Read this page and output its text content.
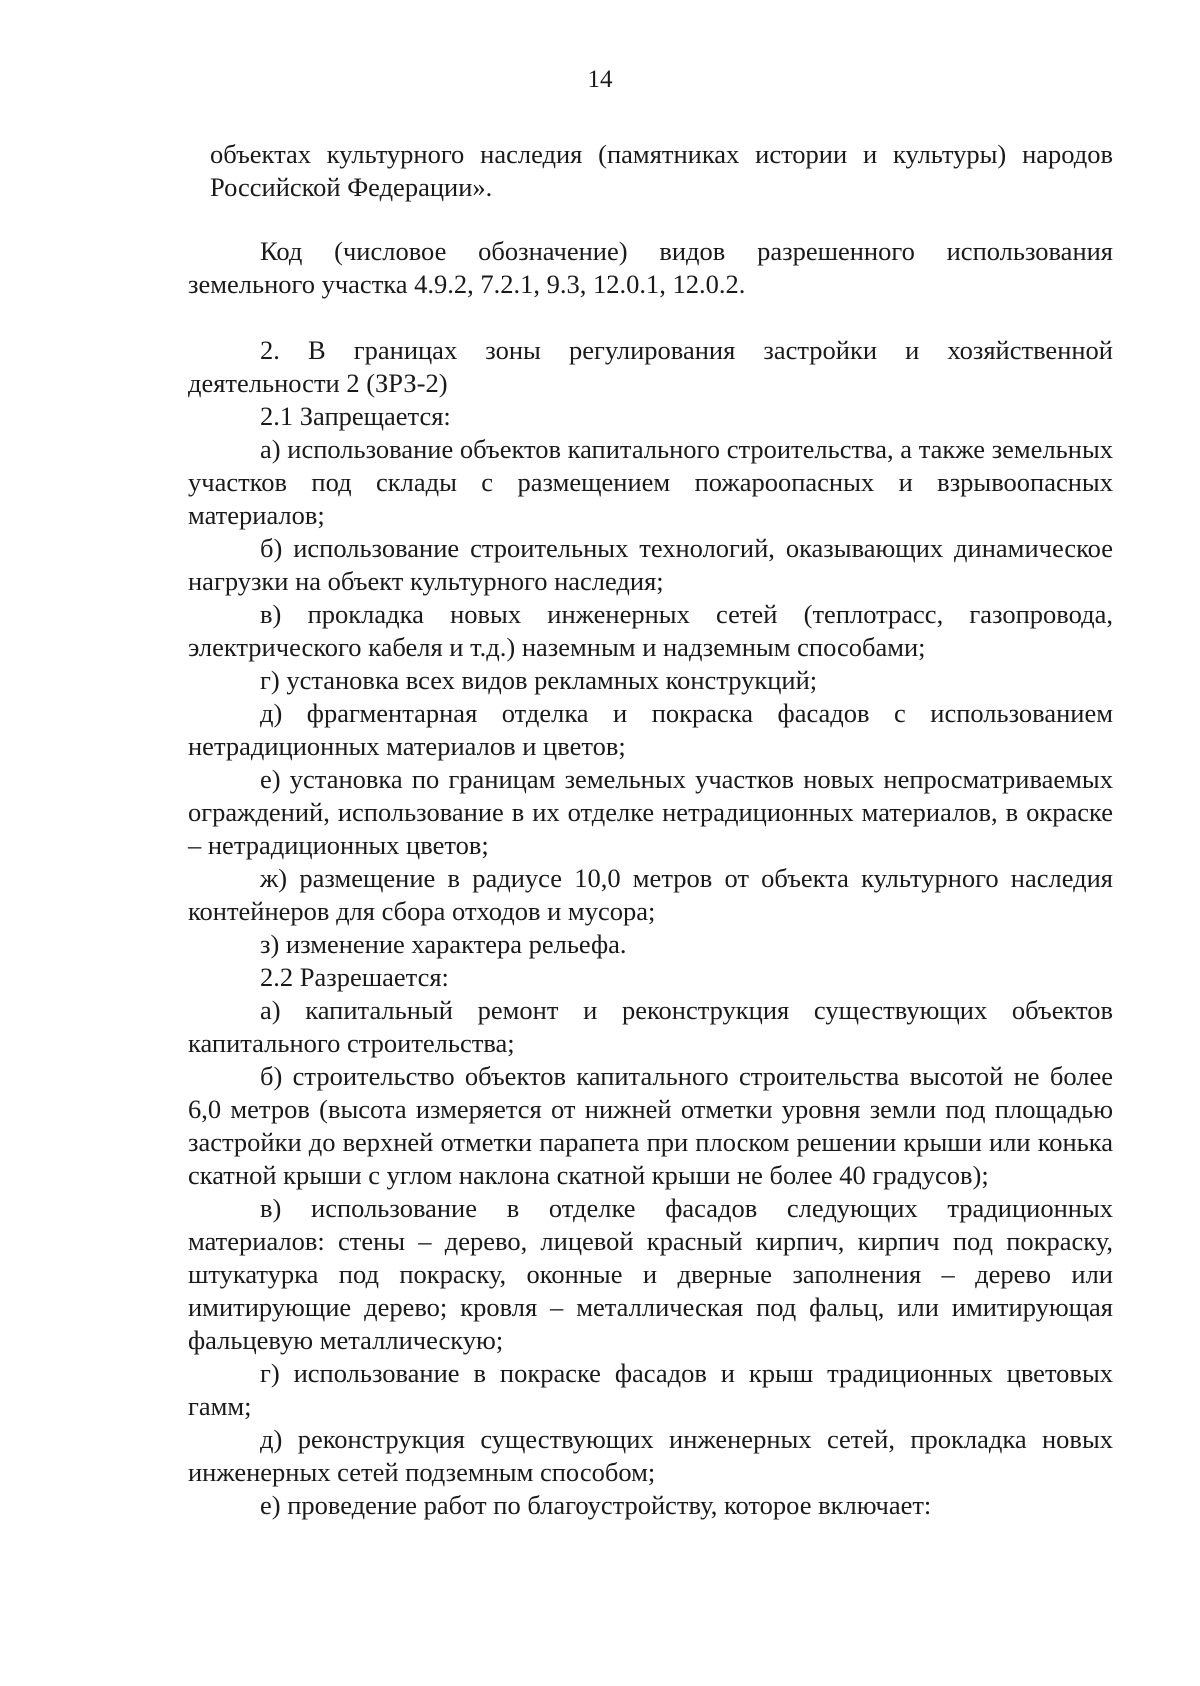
14

объектах культурного наследия (памятниках истории и культуры) народов Российской Федерации».

Код (числовое обозначение) видов разрешенного использования земельного участка 4.9.2, 7.2.1, 9.3, 12.0.1, 12.0.2.

2. В границах зоны регулирования застройки и хозяйственной деятельности 2 (ЗРЗ-2)

2.1 Запрещается:

а) использование объектов капитального строительства, а также земельных участков под склады с размещением пожароопасных и взрывоопасных материалов;

б) использование строительных технологий, оказывающих динамическое нагрузки на объект культурного наследия;

в) прокладка новых инженерных сетей (теплотрасс, газопровода, электрического кабеля и т.д.) наземным и надземным способами;

г) установка всех видов рекламных конструкций;

д) фрагментарная отделка и покраска фасадов с использованием нетрадиционных материалов и цветов;

е) установка по границам земельных участков новых непросматриваемых ограждений, использование в их отделке нетрадиционных материалов, в окраске – нетрадиционных цветов;

ж) размещение в радиусе 10,0 метров от объекта культурного наследия контейнеров для сбора отходов и мусора;

з) изменение характера рельефа.

2.2 Разрешается:

а) капитальный ремонт и реконструкция существующих объектов капитального строительства;

б) строительство объектов капитального строительства высотой не более 6,0 метров (высота измеряется от нижней отметки уровня земли под площадью застройки до верхней отметки парапета при плоском решении крыши или конька скатной крыши с углом наклона скатной крыши не более 40 градусов);

в) использование в отделке фасадов следующих традиционных материалов: стены – дерево, лицевой красный кирпич, кирпич под покраску, штукатурка под покраску, оконные и дверные заполнения – дерево или имитирующие дерево; кровля – металлическая под фальц, или имитирующая фальцевую металлическую;

г) использование в покраске фасадов и крыш традиционных цветовых гамм;

д) реконструкция существующих инженерных сетей, прокладка новых инженерных сетей подземным способом;

е) проведение работ по благоустройству, которое включает:
